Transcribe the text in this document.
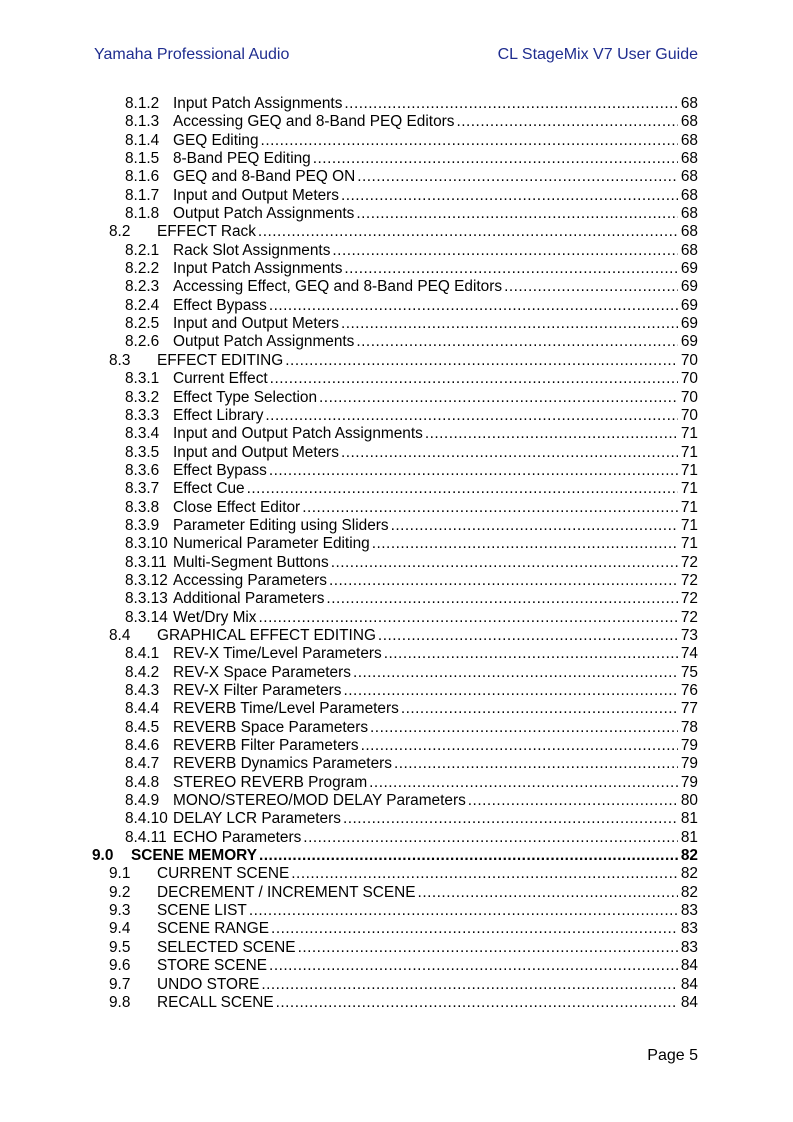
Yamaha Professional Audio	CL StageMix V7 User Guide
8.1.2 Input Patch Assignments .....	68
8.1.3 Accessing GEQ and 8-Band PEQ Editors .....	68
8.1.4 GEQ Editing .....	68
8.1.5 8-Band PEQ Editing .....	68
8.1.6 GEQ and 8-Band PEQ ON .....	68
8.1.7 Input and Output Meters .....	68
8.1.8 Output Patch Assignments .....	68
8.2	EFFECT Rack .....	68
8.2.1 Rack Slot Assignments .....	68
8.2.2 Input Patch Assignments .....	69
8.2.3 Accessing Effect, GEQ and 8-Band PEQ Editors .....	69
8.2.4 Effect Bypass .....	69
8.2.5 Input and Output Meters .....	69
8.2.6 Output Patch Assignments .....	69
8.3	EFFECT EDITING .....	70
8.3.1 Current Effect .....	70
8.3.2 Effect Type Selection .....	70
8.3.3 Effect Library .....	70
8.3.4 Input and Output Patch Assignments .....	71
8.3.5 Input and Output Meters .....	71
8.3.6 Effect Bypass .....	71
8.3.7 Effect Cue .....	71
8.3.8 Close Effect Editor .....	71
8.3.9 Parameter Editing using Sliders .....	71
8.3.10 Numerical Parameter Editing .....	71
8.3.11 Multi-Segment Buttons .....	72
8.3.12 Accessing Parameters .....	72
8.3.13 Additional Parameters .....	72
8.3.14 Wet/Dry Mix .....	72
8.4	GRAPHICAL EFFECT EDITING .....	73
8.4.1 REV-X Time/Level Parameters .....	74
8.4.2 REV-X Space Parameters .....	75
8.4.3 REV-X Filter Parameters .....	76
8.4.4 REVERB Time/Level Parameters .....	77
8.4.5 REVERB Space Parameters .....	78
8.4.6 REVERB Filter Parameters .....	79
8.4.7 REVERB Dynamics Parameters .....	79
8.4.8 STEREO REVERB Program .....	79
8.4.9 MONO/STEREO/MOD DELAY Parameters .....	80
8.4.10 DELAY LCR Parameters .....	81
8.4.11 ECHO Parameters .....	81
9.0	SCENE MEMORY .....	82
9.1	CURRENT SCENE .....	82
9.2	DECREMENT / INCREMENT SCENE .....	82
9.3	SCENE LIST .....	83
9.4	SCENE RANGE .....	83
9.5	SELECTED SCENE .....	83
9.6	STORE SCENE .....	84
9.7	UNDO STORE .....	84
9.8	RECALL SCENE .....	84
Page 5
